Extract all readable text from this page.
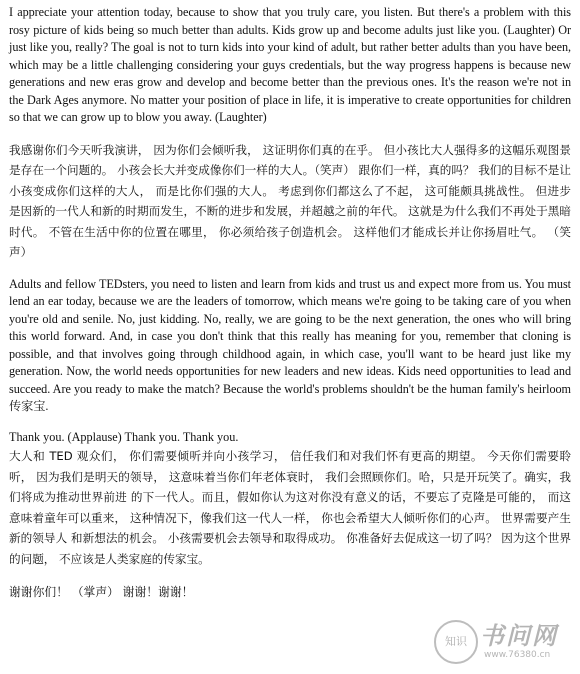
I appreciate your attention today, because to show that you truly care, you listen. But there's a problem with this rosy picture of kids being so much better than adults. Kids grow up and become adults just like you. (Laughter) Or just like you, really? The goal is not to turn kids into your kind of adult, but rather better adults than you have been, which may be a little challenging considering your guys credentials, but the way progress happens is because new generations and new eras grow and develop and become better than the previous ones. It's the reason we're not in the Dark Ages anymore. No matter your position of place in life, it is imperative to create opportunities for children so that we can grow up to blow you away. (Laughter)

我感谢你们今天听我演讲， 因为你们会倾听我， 这证明你们真的在乎。 但小孩比大人强得多的这幅乐观图景 是存在一个问题的。 小孩会长大并变成像你们一样的大人。（笑声） 跟你们一样，真的吗？ 我们的目标不是让小孩变成你们这样的大人， 而是比你们强的大人。 考虑到你们都这么了不起， 这可能颇具挑战性。 但进步 是因新的一代人和新的时期而发生，不断的进步和发展，并超越之前的年代。 这就是为什么我们不再处于黑暗时代。 不管在生活中你的位置在哪里， 你必须给孩子创造机会。 这样他们才能成长并让你扬眉吐气。 （笑声）

Adults and fellow TEDsters, you need to listen and learn from kids and trust us and expect more from us. You must lend an ear today, because we are the leaders of tomorrow, which means we're going to be taking care of you when you're old and senile. No, just kidding. No, really, we are going to be the next generation, the ones who will bring this world forward. And, in case you don't think that this really has meaning for you, remember that cloning is possible, and that involves going through childhood again, in which case, you'll want to be heard just like my generation. Now, the world needs opportunities for new leaders and new ideas. Kids need opportunities to lead and succeed. Are you ready to make the match? Because the world's problems shouldn't be the human family's heirloom 传家宝.

Thank you. (Applause) Thank you. Thank you.

大人和 TED 观众们， 你们需要倾听并向小孩学习， 信任我们和对我们怀有更高的期望。 今天你们需要聆听， 因为我们是明天的领导， 这意味着当你们年老体衰时， 我们会照顾你们。哈，只是开玩笑了。确实，我们将成为推动世界前进 的下一代人。而且，假如你认为这对你没有意义的话，不要忘了克隆是可能的， 而这意味着童年可以重来， 这种情况下，像我们这一代人一样， 你也会希望大人倾听你们的心声。 世界需要产生新的领导人 和新想法的机会。 小孩需要机会去领导和取得成功。 你准备好去促成这一切了吗？ 因为这个世界的问题， 不应该是人类家庭的传家宝。

谢谢你们！ （掌声） 谢谢！谢谢！

知识 书问网
www.76380.cn
